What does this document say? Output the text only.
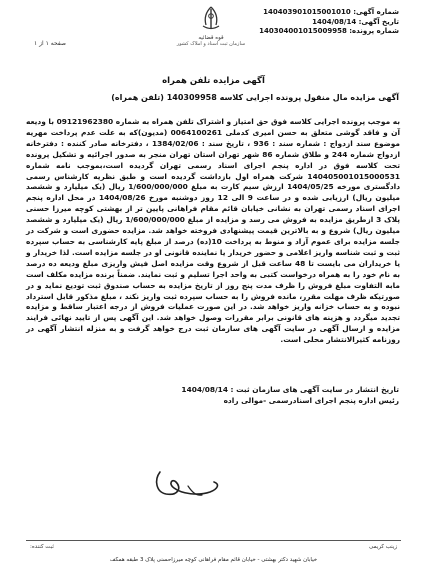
شماره آگهی: 140403901015001010
تاریخ آگهی: 1404/08/14
شماره پرونده: 140304001015009958
قوه قضائیه
سازمان ثبت اسناد و املاک کشور
صفحه ۱ از ۱
آگهی مزایده تلفن همراه
آگهی مزایده مال منقول پرونده اجرایی کلاسه 140309958 (تلفن همراه)
به موجب پرونده اجرایی کلاسه فوق حق امتیاز و اشتراک تلفن همراه به شماره 09121962380 با ودیعه آن و فاقد گوشی متعلق به حسن امیری کدملی 0064100261 (مدیون)که به علت عدم پرداخت مهریه موضوع سند ازدواج : شماره سند : 936 ، تاریخ سند : 1384/02/06 ، دفترخانه صادر کننده : دفترخانه ازدواج شماره 244 و طلاق شماره 86 شهر تهران استان تهران منجر به صدور اجرائیه و تشکیل پرونده تحت کلاسه فوق در اداره پنجم اجرای اسناد رسمی تهران گردیده است،بموجب نامه شماره 140405001015000531 شرکت همراه اول بازداشت گردیده است و طبق نظریه کارشناس رسمی دادگستری مورخه 1404/05/25 ارزش سیم کارت به مبلغ 1/600/000/000 ریال (یک میلیارد و ششصد میلیون ریال) ارزیابی شده و در ساعت 9 الی 12 روز دوشنبه مورخ 1404/08/26 در محل اداره پنجم اجرای اسناد رسمی تهران به نشانی خیابان قائم مقام فراهانی پایین تر از بهشتی کوچه میرزا حسنی پلاک 3 ازطریق مزایده به فروش می رسد و مزایده از مبلغ 1/600/000/000 ریال (یک میلیارد و ششصد میلیون ریال) شروع و به بالاترین قیمت پیشنهادی فروخته خواهد شد. مزایده حضوری است و شرکت در جلسه مزایده برای عموم آزاد و منوط به پرداخت 10(ده) درصد از مبلغ پایه کارشناسی به حساب سپرده ثبت و ثبت شناسه واریز اعلامی و حضور خریدار یا نماینده قانونی او در جلسه مزایده است. لذا خریدار و یا خریداران می بایست تا 48 ساعت قبل از شروع وقت مزایده اصل فیش واریزی مبلغ ودیعه ده درصد به نام خود را به همراه درخواست کتبی به واحد اجرا تسلیم و ثبت نمایند. ضمناً برنده مزایده مکلف است مابه التفاوت مبلغ فروش را ظرف مدت پنج روز از تاریخ مزایده به حساب صندوق ثبت تودیع نماید و در صورتیکه ظرف مهلت مقرر، مانده فروش را به حساب سپرده ثبت واریز نکند ، مبلغ مذکور قابل استرداد نبوده و به حساب خزانه واریز خواهد شد. در این صورت عملیات فروش از درجه اعتبار ساقط و مزایده تجدید میگردد و هزینه های قانونی برابر مقررات وصول خواهد شد. این آگهی پس از تایید نهائی فرایند مزایده و ارسال آگهی در سایت آگهی های سازمان ثبت درج خواهد گرفت و به منزله انتشار آگهی در روزنامه کثیرالانتشار محلی است.
تاریخ انتشار در سایت آگهی های سازمان ثبت : 1404/08/14
رئیس اداره پنجم اجرای اسنادرسمی -موالی راده
ثبت کننده:	زینب کریمی
خیابان شهید دکتر بهشتی - خیابان قائم مقام فراهانی کوچه میرزاحسنی پلاک 3 طبقه همکف
